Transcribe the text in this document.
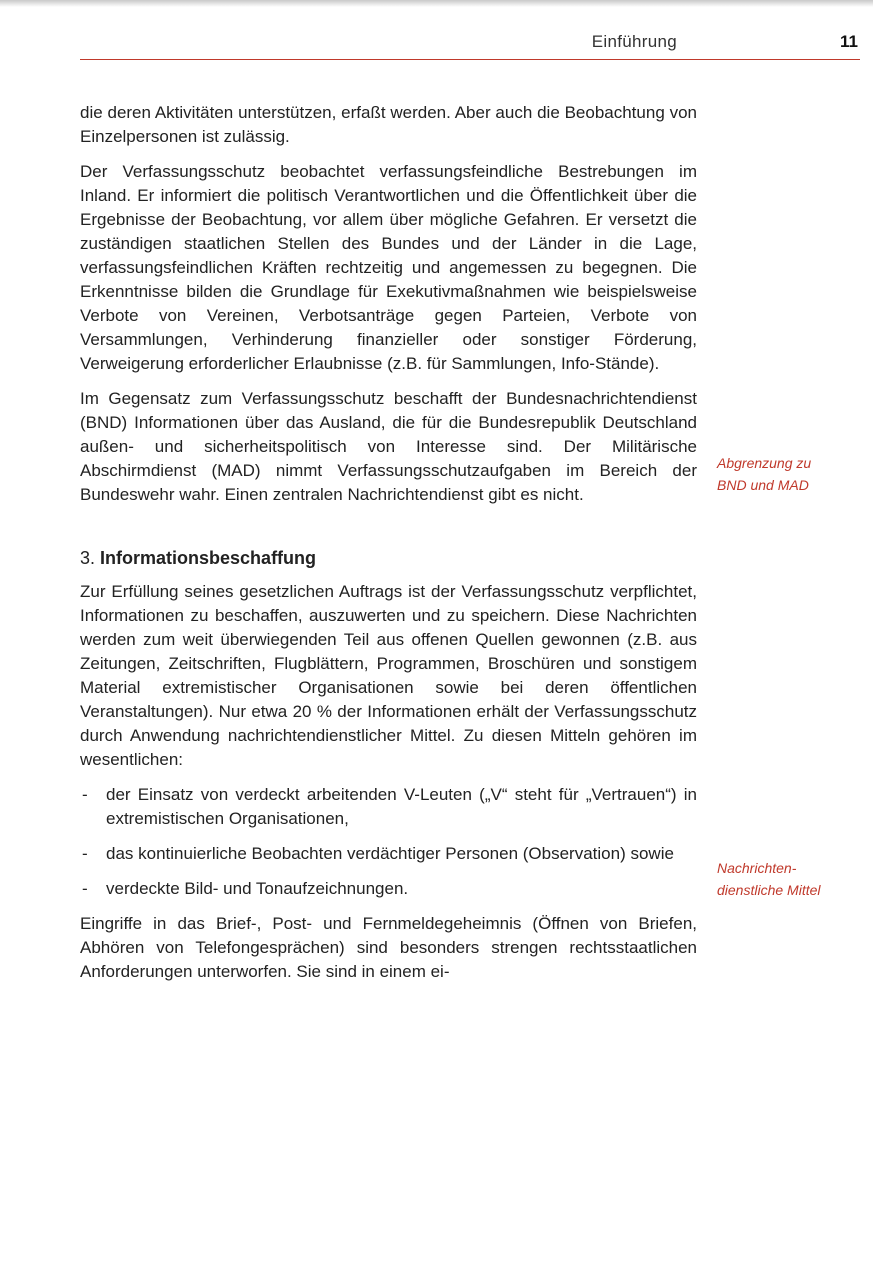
Einführung	11

die deren Aktivitäten unterstützen, erfaßt werden. Aber auch die Beobachtung von Einzelpersonen ist zulässig.

Der Verfassungsschutz beobachtet verfassungsfeindliche Bestrebungen im Inland. Er informiert die politisch Verantwortlichen und die Öffentlichkeit über die Ergebnisse der Beobachtung, vor allem über mögliche Gefahren. Er versetzt die zuständigen staatlichen Stellen des Bundes und der Länder in die Lage, verfassungsfeindlichen Kräften rechtzeitig und angemessen zu begegnen. Die Erkenntnisse bilden die Grundlage für Exekutivmaßnahmen wie beispielsweise Verbote von Vereinen, Verbotsanträge gegen Parteien, Verbote von Versammlungen, Verhinderung finanzieller oder sonstiger Förderung, Verweigerung erforderlicher Erlaubnisse (z.B. für Sammlungen, Info-Stände).

Im Gegensatz zum Verfassungsschutz beschafft der Bundesnachrichtendienst (BND) Informationen über das Ausland, die für die Bundesrepublik Deutschland außen- und sicherheitspolitisch von Interesse sind. Der Militärische Abschirmdienst (MAD) nimmt Verfassungsschutzaufgaben im Bereich der Bundeswehr wahr. Einen zentralen Nachrichtendienst gibt es nicht.

3. Informationsbeschaffung

Zur Erfüllung seines gesetzlichen Auftrags ist der Verfassungsschutz verpflichtet, Informationen zu beschaffen, auszuwerten und zu speichern. Diese Nachrichten werden zum weit überwiegenden Teil aus offenen Quellen gewonnen (z.B. aus Zeitungen, Zeitschriften, Flugblättern, Programmen, Broschüren und sonstigem Material extremistischer Organisationen sowie bei deren öffentlichen Veranstaltungen). Nur etwa 20 % der Informationen erhält der Verfassungsschutz durch Anwendung nachrichtendienstlicher Mittel. Zu diesen Mitteln gehören im wesentlichen:

- der Einsatz von verdeckt arbeitenden V-Leuten („V“ steht für „Vertrauen“) in extremistischen Organisationen,
- das kontinuierliche Beobachten verdächtiger Personen (Observation) sowie
- verdeckte Bild- und Tonaufzeichnungen.

Eingriffe in das Brief-, Post- und Fernmeldegeheimnis (Öffnen von Briefen, Abhören von Telefongesprächen) sind besonders strengen rechtsstaatlichen Anforderungen unterworfen. Sie sind in einem ei-

Abgrenzung zu
BND und MAD
Nachrichten-
dienstliche Mittel
